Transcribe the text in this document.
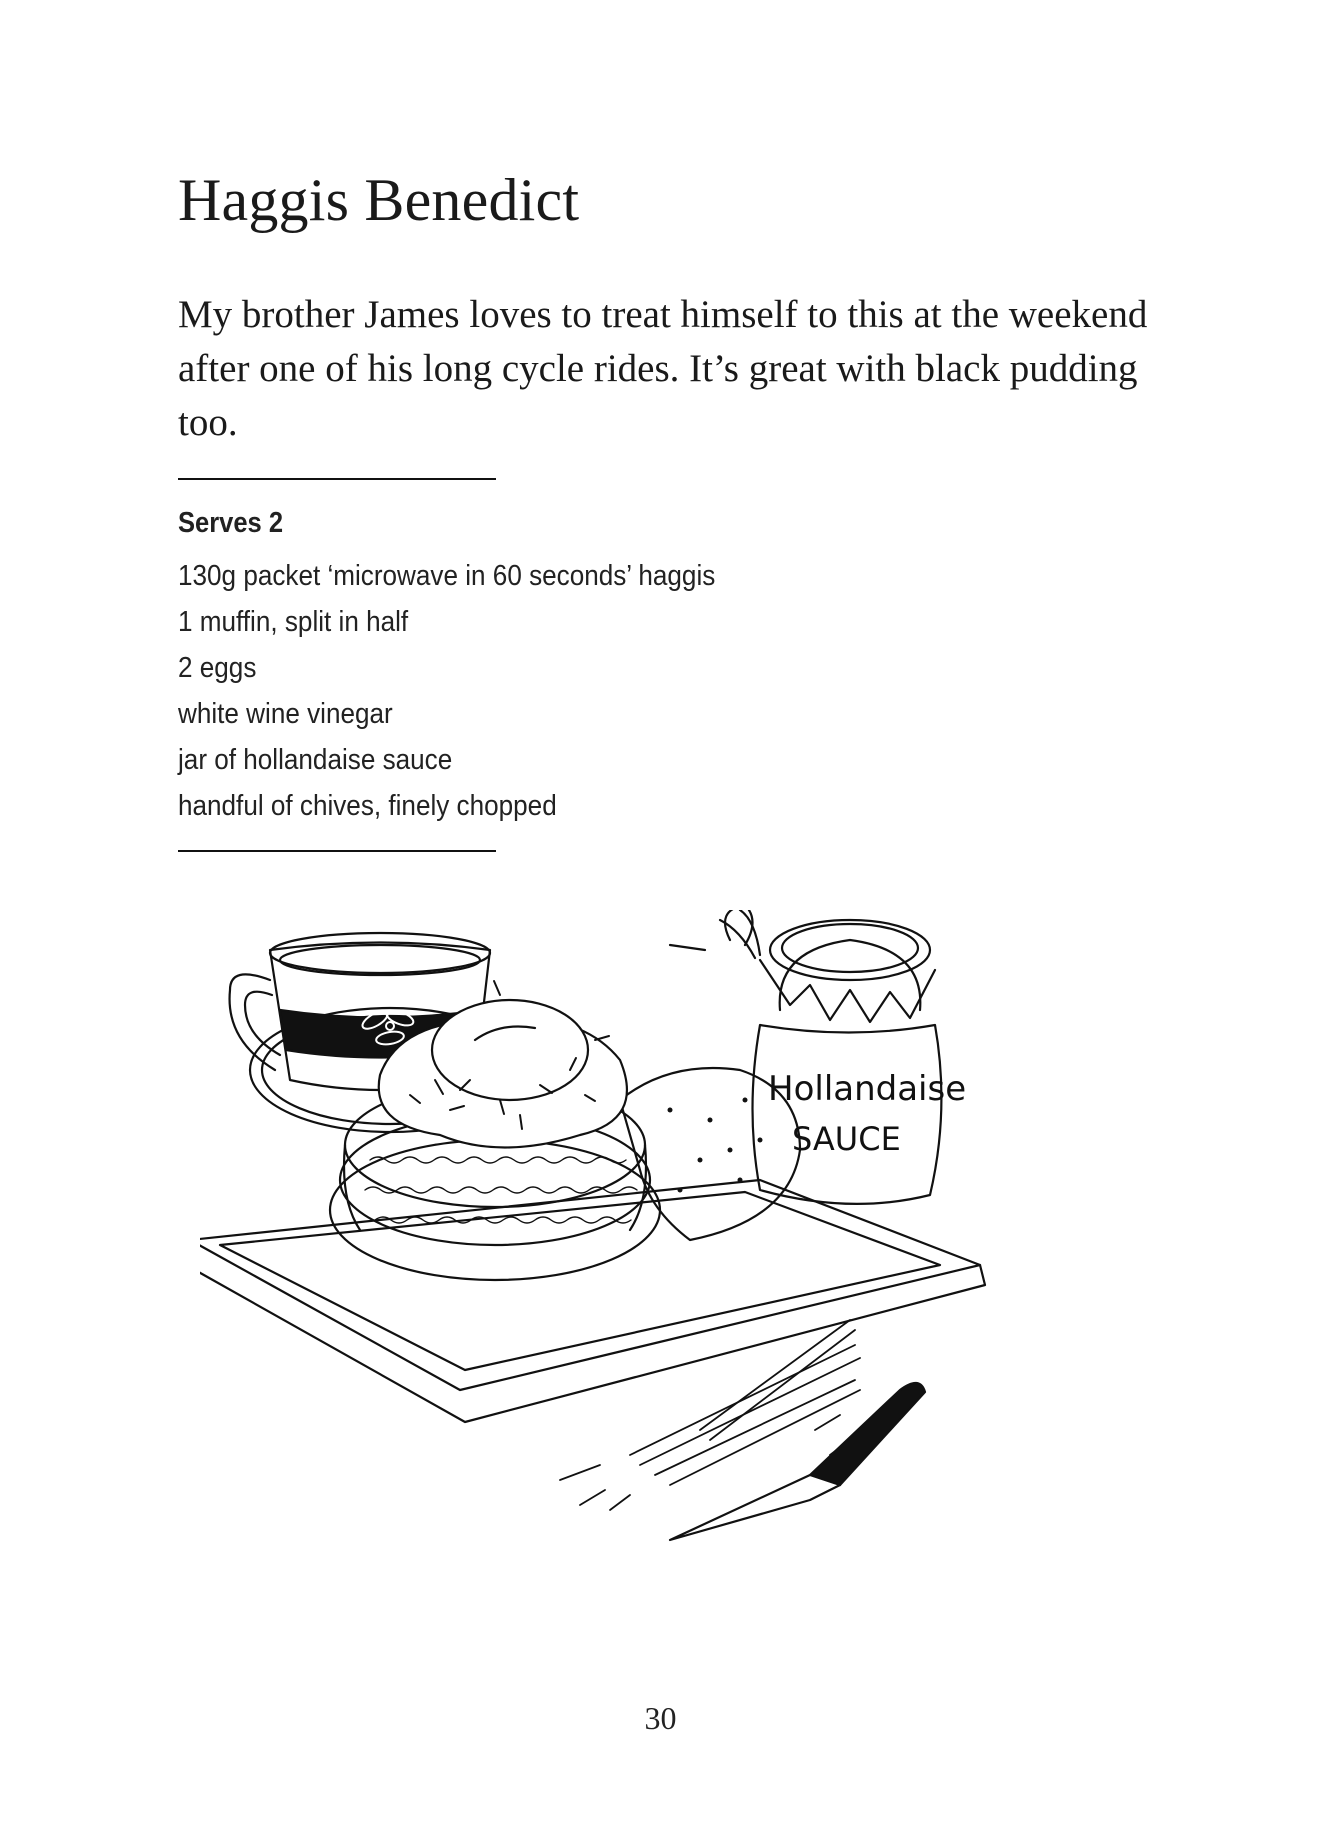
Haggis Benedict

My brother James loves to treat himself to this at the weekend after one of his long cycle rides. It’s great with black pudding too.

Serves 2
130g packet ‘microwave in 60 seconds’ haggis
1 muffin, split in half
2 eggs
white wine vinegar
jar of hollandaise sauce
handful of chives, finely chopped
Hollandaise
SAUCE
30
